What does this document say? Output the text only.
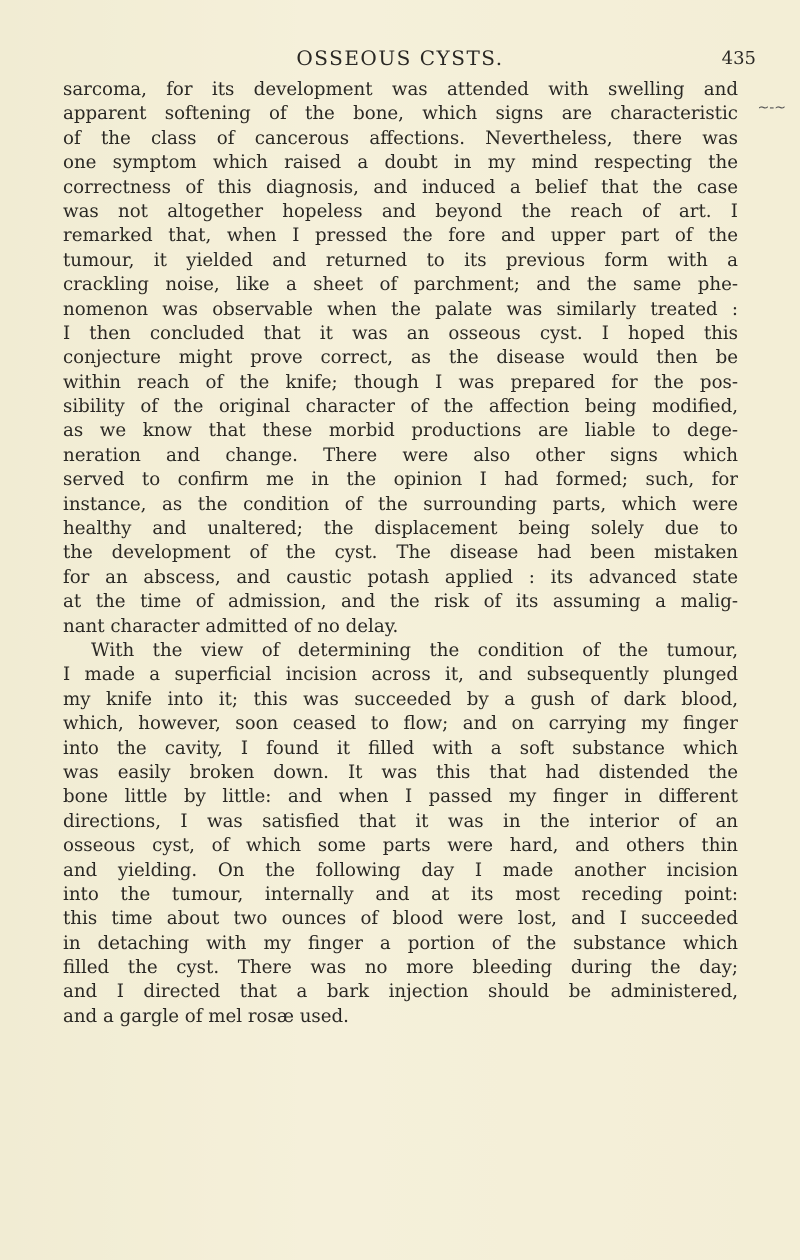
OSSEOUS CYSTS.	435
~-~
sarcoma, for its development was attended with swelling and
apparent softening of the bone, which signs are characteristic
of the class of cancerous affections. Nevertheless, there was
one symptom which raised a doubt in my mind respecting the
correctness of this diagnosis, and induced a belief that the case
was not altogether hopeless and beyond the reach of art. I
remarked that, when I pressed the fore and upper part of the
tumour, it yielded and returned to its previous form with a
crackling noise, like a sheet of parchment; and the same phe-
nomenon was observable when the palate was similarly treated :
I then concluded that it was an osseous cyst. I hoped this
conjecture might prove correct, as the disease would then be
within reach of the knife; though I was prepared for the pos-
sibility of the original character of the affection being modified,
as we know that these morbid productions are liable to dege-
neration and change. There were also other signs which
served to confirm me in the opinion I had formed; such, for
instance, as the condition of the surrounding parts, which were
healthy and unaltered; the displacement being solely due to
the development of the cyst. The disease had been mistaken
for an abscess, and caustic potash applied : its advanced state
at the time of admission, and the risk of its assuming a malig-
nant character admitted of no delay.
With the view of determining the condition of the tumour,
I made a superficial incision across it, and subsequently plunged
my knife into it; this was succeeded by a gush of dark blood,
which, however, soon ceased to flow; and on carrying my finger
into the cavity, I found it filled with a soft substance which
was easily broken down. It was this that had distended the
bone little by little: and when I passed my finger in different
directions, I was satisfied that it was in the interior of an
osseous cyst, of which some parts were hard, and others thin
and yielding. On the following day I made another incision
into the tumour, internally and at its most receding point:
this time about two ounces of blood were lost, and I succeeded
in detaching with my finger a portion of the substance which
filled the cyst. There was no more bleeding during the day;
and I directed that a bark injection should be administered,
and a gargle of mel rosæ used.
